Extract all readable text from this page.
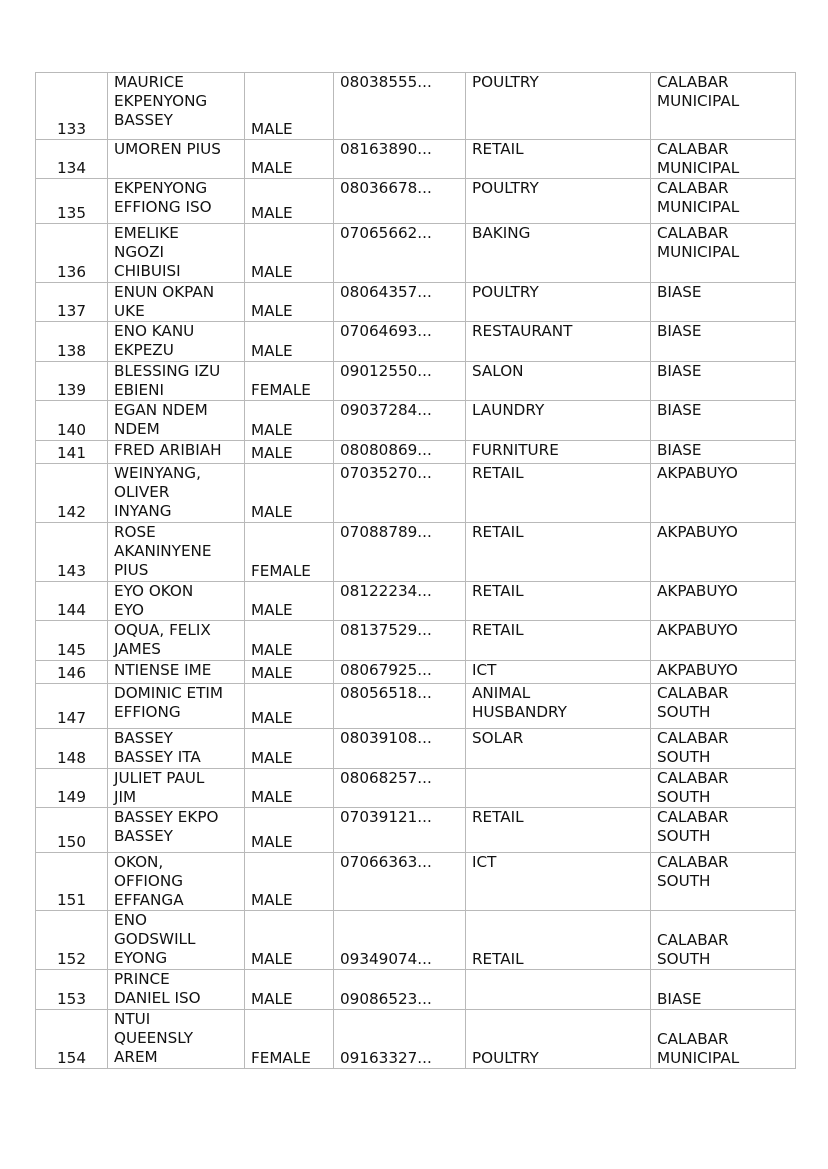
133	MAURICE
EKPENYONG
BASSEY	MALE	08038555...	POULTRY	CALABAR
MUNICIPAL

134	UMOREN PIUS	MALE	08163890...	RETAIL	CALABAR
MUNICIPAL

135	EKPENYONG
EFFIONG ISO	MALE	08036678...	POULTRY	CALABAR
MUNICIPAL

136	EMELIKE
NGOZI
CHIBUISI	MALE	07065662...	BAKING	CALABAR
MUNICIPAL

137	ENUN OKPAN
UKE	MALE	08064357...	POULTRY	BIASE

138	ENO KANU
EKPEZU	MALE	07064693...	RESTAURANT	BIASE

139	BLESSING IZU
EBIENI	FEMALE	09012550...	SALON	BIASE

140	EGAN NDEM
NDEM	MALE	09037284...	LAUNDRY	BIASE

141	FRED ARIBIAH	MALE	08080869...	FURNITURE	BIASE

142	WEINYANG,
OLIVER
INYANG	MALE	07035270...	RETAIL	AKPABUYO

143	ROSE
AKANINYENE
PIUS	FEMALE	07088789...	RETAIL	AKPABUYO

144	EYO OKON
EYO	MALE	08122234...	RETAIL	AKPABUYO

145	OQUA, FELIX
JAMES	MALE	08137529...	RETAIL	AKPABUYO

146	NTIENSE IME	MALE	08067925...	ICT	AKPABUYO

147	DOMINIC ETIM
EFFIONG	MALE	08056518...	ANIMAL
HUSBANDRY	CALABAR
SOUTH

148	BASSEY
BASSEY ITA	MALE	08039108...	SOLAR	CALABAR
SOUTH

149	JULIET PAUL
JIM	MALE	08068257...		CALABAR
SOUTH

150	BASSEY EKPO
BASSEY	MALE	07039121...	RETAIL	CALABAR
SOUTH

151	OKON,
OFFIONG
EFFANGA	MALE	07066363...	ICT	CALABAR
SOUTH

152	ENO
GODSWILL
EYONG	MALE	09349074...	RETAIL	CALABAR
SOUTH

153	PRINCE
DANIEL ISO	MALE	09086523...		BIASE

154	NTUI
QUEENSLY
AREM	FEMALE	09163327...	POULTRY	CALABAR
MUNICIPAL
